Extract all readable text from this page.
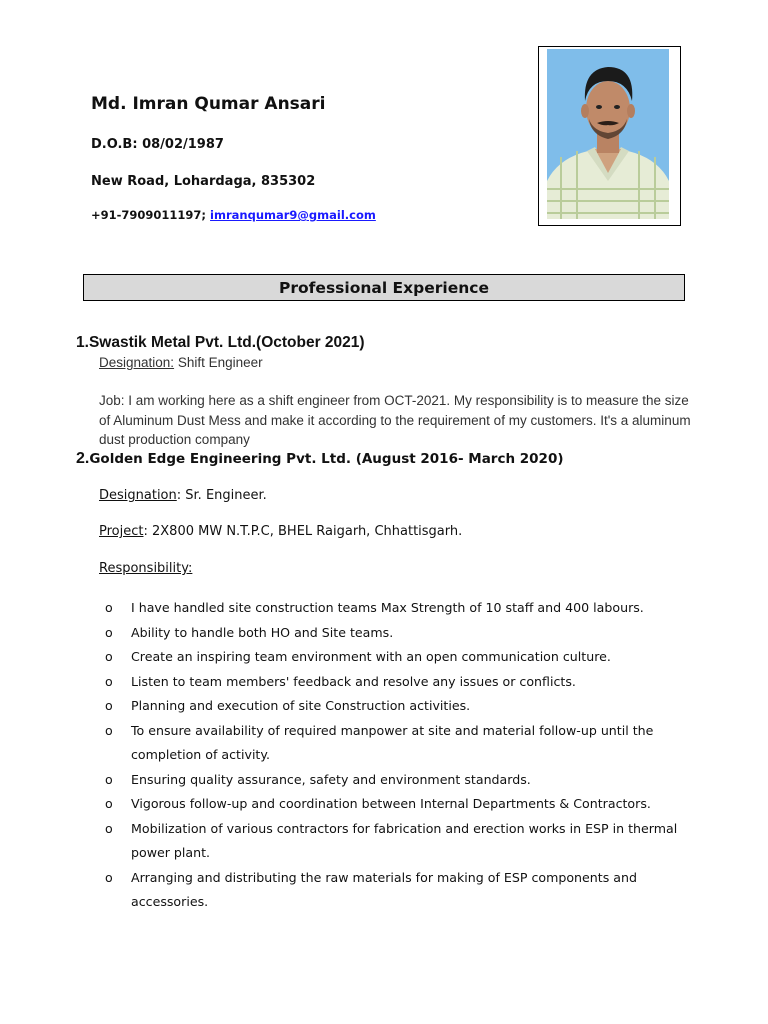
Md. Imran Qumar Ansari
D.O.B: 08/02/1987
New Road, Lohardaga, 835302
+91-7909011197; imranqumar9@gmail.com
Professional Experience
1.Swastik Metal Pvt. Ltd.(October 2021)
Designation: Shift Engineer
Job: I am working here as a shift engineer from OCT-2021. My responsibility is to measure the size of Aluminum Dust Mess and make it according to the requirement of my customers. It's a aluminum dust production company
2.Golden Edge Engineering Pvt. Ltd. (August 2016- March 2020)
Designation: Sr. Engineer.
Project: 2X800 MW N.T.P.C, BHEL Raigarh, Chhattisgarh.
Responsibility:
o I have handled site construction teams Max Strength of 10 staff and 400 labours.
o Ability to handle both HO and Site teams.
o Create an inspiring team environment with an open communication culture.
o Listen to team members' feedback and resolve any issues or conflicts.
o Planning and execution of site Construction activities.
o To ensure availability of required manpower at site and material follow-up until the completion of activity.
o Ensuring quality assurance, safety and environment standards.
o Vigorous follow-up and coordination between Internal Departments & Contractors.
o Mobilization of various contractors for fabrication and erection works in ESP in thermal power plant.
o Arranging and distributing the raw materials for making of ESP components and accessories.
